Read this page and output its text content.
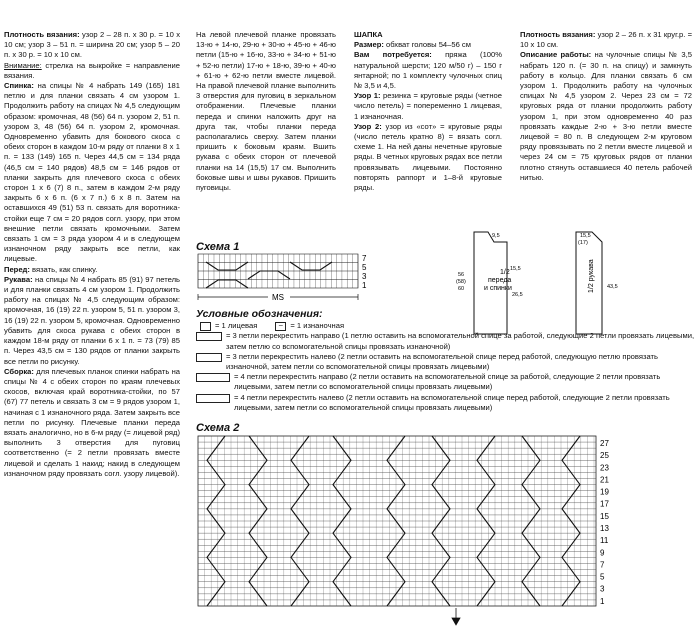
Плотность вязания: узор 2 – 28 п. х 30 р. = 10 х 10 см; узор 3 – 51 п. = ширина 20 см; узор 5 – 20 п. х 30 р. = 10 х 10 см.

Внимание: стрелка на выкройке = направление вязания.

Спинка: на спицы № 4 набрать 149 (165) 181 петлю и для планки связать 4 см узором 1. Продолжить работу на спицах № 4,5 следующим образом: кромочная, 48 (56) 64 п. узором 2, 51 п. узором 3, 48 (56) 64 п. узором 2, кромочная. Одновременно убавить для бокового скоса с обеих сторон в каждом 10-м ряду от планки 8 х 1 п. = 133 (149) 165 п. Через 44,5 см = 134 ряда (46,5 см = 140 рядов) 48,5 см = 146 рядов от планки закрыть для плечевого скоса с обеих сторон 1 х 6 (7) 8 п., затем в каждом 2-м ряду закрыть 6 х 6 п. (6 х 7 п.) 6 х 8 п. Затем на оставшихся 49 (51) 53 п. связать для воротника-стойки еще 7 см = 20 рядов согл. узору, при этом внешние петли связать кромочными. Затем связать 1 см = 3 ряда узором 4 и в следующем изнаночном ряду закрыть все петли, как лицевые.

Перед: вязать, как спинку.

Рукава: на спицы № 4 набрать 85 (91) 97 петель и для планки связать 4 см узором 1. Продолжить работу на спицах № 4,5 следующим образом: кромочная, 16 (19) 22 п. узором 5, 51 п. узором 3, 16 (19) 22 п. узором 5, кромочная. Одновременно убавить для скоса рукава с обеих сторон в каждом 18-м ряду от планки 6 х 1 п. = 73 (79) 85 п. Через 43,5 см = 130 рядов от планки закрыть все петли по рисунку.

Сборка: для плечевых планок спинки набрать на спицы № 4 с обеих сторон по краям плечевых скосов, включая край воротника-стойки, по 57 (67) 77 петель и связать 3 см = 9 рядов узором 1, начиная с 1 изнаночного ряда. Затем закрыть все петли по рисунку. Плечевые планки переда вязать аналогично, но в 6-м ряду (= лицевой ряд) выполнить 3 отверстия для пуговиц соответственно (= 2 петли провязать вместе лицевой и сделать 1 накид; накид в следующем изнаночном ряду провязать согл. узору лицевой).

На левой плечевой планке провязать 13-ю + 14-ю, 29-ю + 30-ю + 45-ю + 46-ю петли (15-ю + 16-ю, 33-ю + 34-ю + 51-ю + 52-ю петли) 17-ю + 18-ю, 39-ю + 40-ю + 61-ю + 62-ю петли вместе лицевой. На правой плечевой планке выполнить 3 отверстия для пуговиц в зеркальном отображении. Плечевые планки переда и спинки наложить друг на друга так, чтобы планки переда располагались сверху. Затем планки пришить к боковым краям. Вшить рукава с обеих сторон от плечевой планки на 14 (15,5) 17 см. Выполнить боковые швы и швы рукавов. Пришить пуговицы.

ШАПКА

Размер: обхват головы 54–56 см

Вам потребуется: пряжа (100% натуральной шерсти; 120 м/50 г) – 150 г янтарной; по 1 комплекту чулочных спиц № 3,5 и 4,5.

Узор 1: резинка = круговые ряды (четное число петель) = попеременно 1 лицевая, 1 изнаночная.

Узор 2: узор из «сот» = круговые ряды (число петель кратно 8) = вязать согл. схеме 1. На ней даны нечетные круговые ряды. В четных круговых рядах все петли провязывать лицевыми. Постоянно повторять раппорт и 1–8-й круговые ряды.

Плотность вязания: узор 2 – 26 п. х 31 круг.р. = 10 х 10 см.

Описание работы: на чулочные спицы № 3,5 набрать 120 п. (= 30 п. на спицу) и замкнуть работу в кольцо. Для планки связать 6 см узором 1. Продолжить работу на чулочных спицах № 4,5 узором 2. Через 23 см = 72 круговых ряда от планки продолжить работу узором 1, при этом одновременно 40 раз провязать каждые 2-ю + 3-ю петли вместе лицевой = 80 п. В следующем 2-м круговом ряду провязывать по 2 петли вместе лицевой и через 24 см = 75 круговых рядов от планки плотно стянуть оставшиеся 40 петель рабочей нитью.

Схема 1
7
5
3
1
MS
9,5
1/2
переда
и спинки
56
(58)
60
15,5
26,5
15,5
(17)
43,5
1/2 рукава
Условные обозначения:
= 1 лицевая	– = 1 изнаночная
= 3 петли перекрестить направо (1 петлю оставить на вспомогательной спице за работой, следующие 2 петли провязать лицевыми, затем петлю со вспомогательной спицы провязать изнаночной)
= 3 петли перекрестить налево (2 петли оставить на вспомогательной спице перед работой, следующую петлю провязать изнаночной, затем петли со вспомогательной спицы провязать лицевыми)
= 4 петли перекрестить направо (2 петли оставить на вспомогательной спице за работой, следующие 2 петли провязать лицевыми, затем петли со вспомогательной спицы провязать лицевыми)
= 4 петли перекрестить налево (2 петли оставить на вспомогательной спице перед работой, следующие 2 петли провязать лицевыми, затем петли со вспомогательной спицы провязать лицевыми)
Схема 2
27
25
23
21
19
17
15
13
11
9
7
5
3
1
